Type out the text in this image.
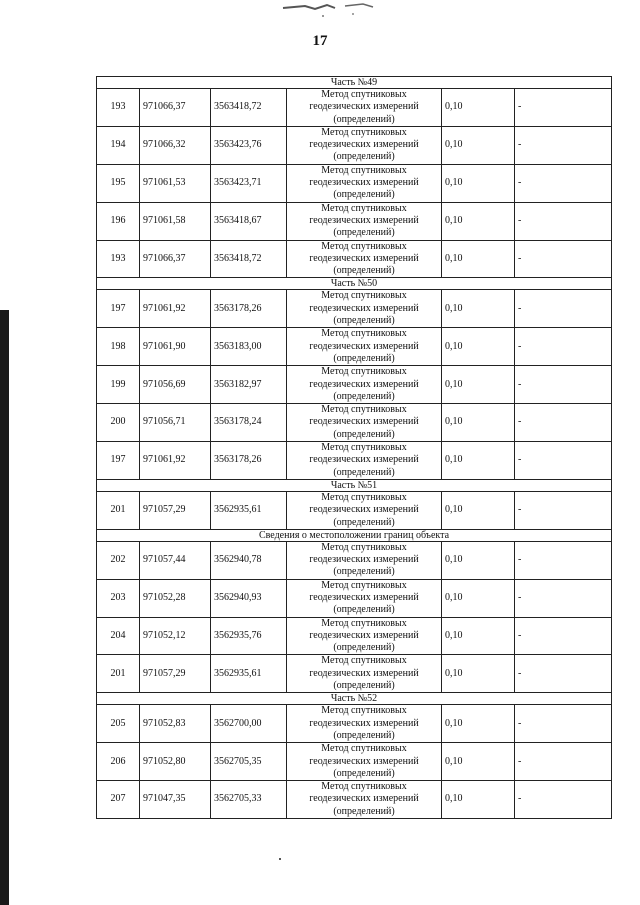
17
Часть №49					
193	971066,37	3563418,72	Метод спутниковых геодезических измерений (определений)	0,10	-
194	971066,32	3563423,76	Метод спутниковых геодезических измерений (определений)	0,10	-
195	971061,53	3563423,71	Метод спутниковых геодезических измерений (определений)	0,10	-
196	971061,58	3563418,67	Метод спутниковых геодезических измерений (определений)	0,10	-
193	971066,37	3563418,72	Метод спутниковых геодезических измерений (определений)	0,10	-
Часть №50					
197	971061,92	3563178,26	Метод спутниковых геодезических измерений (определений)	0,10	-
198	971061,90	3563183,00	Метод спутниковых геодезических измерений (определений)	0,10	-
199	971056,69	3563182,97	Метод спутниковых геодезических измерений (определений)	0,10	-
200	971056,71	3563178,24	Метод спутниковых геодезических измерений (определений)	0,10	-
197	971061,92	3563178,26	Метод спутниковых геодезических измерений (определений)	0,10	-
Часть №51					
201	971057,29	3562935,61	Метод спутниковых геодезических измерений (определений)	0,10	-
Сведения о местоположении границ объекта					
202	971057,44	3562940,78	Метод спутниковых геодезических измерений (определений)	0,10	-
203	971052,28	3562940,93	Метод спутниковых геодезических измерений (определений)	0,10	-
204	971052,12	3562935,76	Метод спутниковых геодезических измерений (определений)	0,10	-
201	971057,29	3562935,61	Метод спутниковых геодезических измерений (определений)	0,10	-
Часть №52					
205	971052,83	3562700,00	Метод спутниковых геодезических измерений (определений)	0,10	-
206	971052,80	3562705,35	Метод спутниковых геодезических измерений (определений)	0,10	-
207	971047,35	3562705,33	Метод спутниковых геодезических измерений (определений)	0,10	-
